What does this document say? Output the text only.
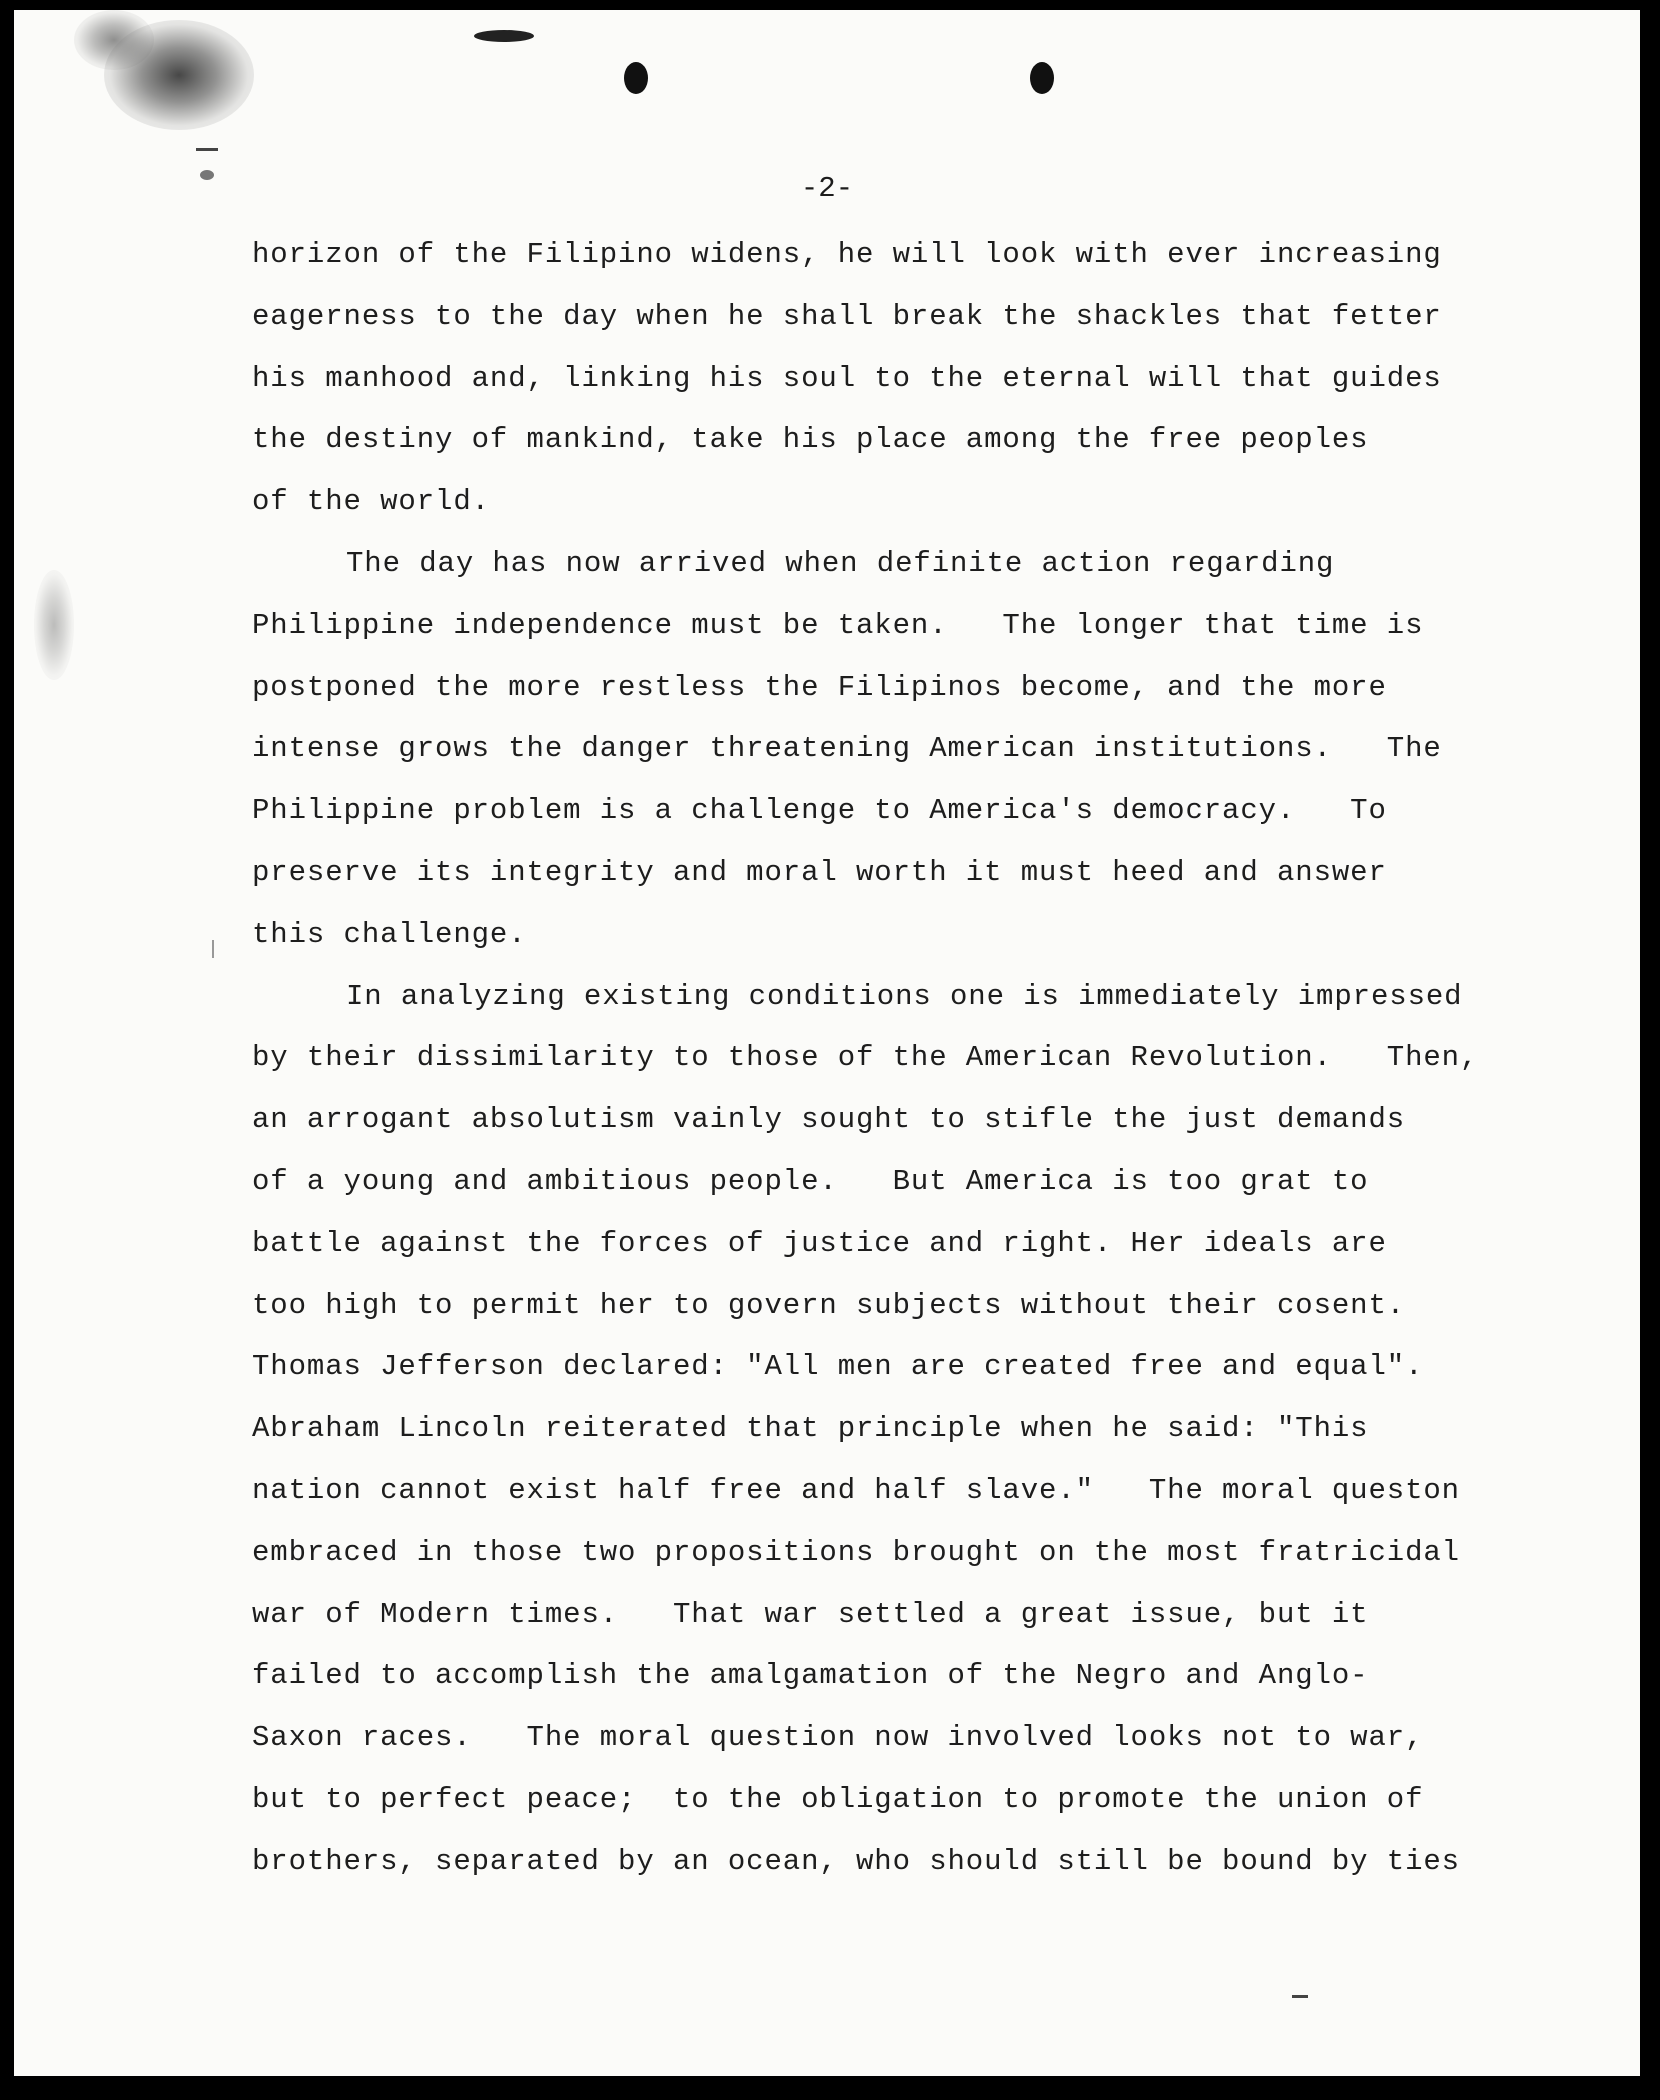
-2-
horizon of the Filipino widens, he will look with ever increasing
eagerness to the day when he shall break the shackles that fetter
his manhood and, linking his soul to the eternal will that guides
the destiny of mankind, take his place among the free peoples
of the world.
The day has now arrived when definite action regarding
Philippine independence must be taken.   The longer that time is
postponed the more restless the Filipinos become, and the more
intense grows the danger threatening American institutions.   The
Philippine problem is a challenge to America's democracy.   To
preserve its integrity and moral worth it must heed and answer
this challenge.
In analyzing existing conditions one is immediately impressed
by their dissimilarity to those of the American Revolution.   Then,
an arrogant absolutism vainly sought to stifle the just demands
of a young and ambitious people.   But America is too grat to
battle against the forces of justice and right. Her ideals are
too high to permit her to govern subjects without their cosent.
Thomas Jefferson declared: "All men are created free and equal".
Abraham Lincoln reiterated that principle when he said: "This
nation cannot exist half free and half slave."   The moral queston
embraced in those two propositions brought on the most fratricidal
war of Modern times.   That war settled a great issue, but it
failed to accomplish the amalgamation of the Negro and Anglo-
Saxon races.   The moral question now involved looks not to war,
but to perfect peace;  to the obligation to promote the union of
brothers, separated by an ocean, who should still be bound by ties
